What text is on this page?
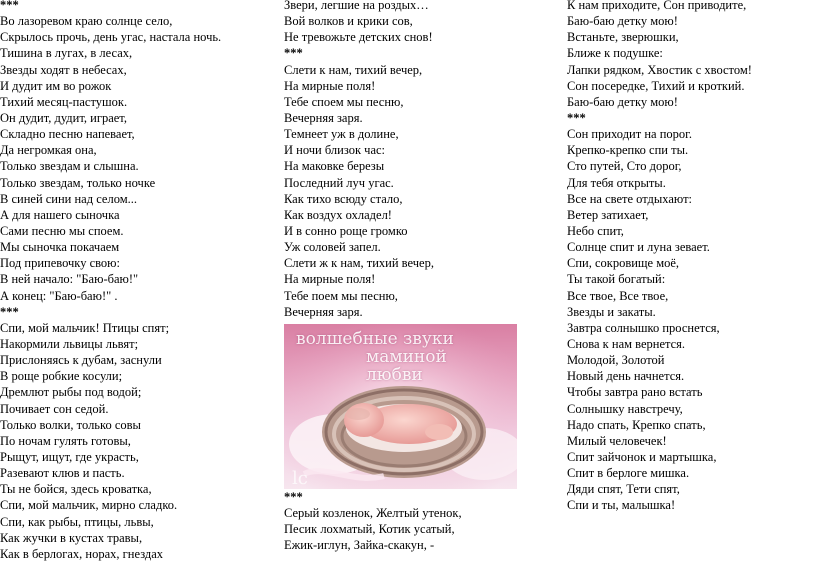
***
Во лазоревом краю солнце село,
Скрылось прочь, день угас, настала ночь.
Тишина в лугах, в лесах,
Звезды ходят в небесах,
И дудит им во рожок
Тихий месяц-пастушок.
Он дудит, дудит, играет,
Складно песню напевает,
Да негромкая она,
Только звездам и слышна.
Только звездам, только ночке
В синей сини над селом...
А для нашего сыночка
Сами песню мы споем.
Мы сыночка покачаем
Под припевочку свою:
В ней начало: "Баю-баю!"
А конец: "Баю-баю!" .
***
Спи, мой мальчик! Птицы спят;
Накормили львицы львят;
Прислоняясь к дубам, заснули
В роще робкие косули;
Дремлют рыбы под водой;
Почивает сон седой.
Только волки, только совы
По ночам гулять готовы,
Рыщут, ищут, где украсть,
Разевают клюв и пасть.
Ты не бойся, здесь кроватка,
Спи, мой мальчик, мирно сладко.
Спи, как рыбы, птицы, львы,
Как жучки в кустах травы,
Как в берлогах, норах, гнездах
Звери, легшие на роздых…
Вой волков и крики сов,
Не тревожьте детских снов!
***
Слети к нам, тихий вечер,
На мирные поля!
Тебе споем мы песню,
Вечерняя заря.
Темнеет уж в долине,
И ночи близок час:
На маковке березы
Последний луч угас.
Как тихо всюду стало,
Как воздух охладел!
И в сонно роще громко
Уж соловей запел.
Слети ж к нам, тихий вечер,
На мирные поля!
Тебе поем мы песню,
Вечерняя заря.
lc
волшебные звуки
маминой любви
***
Серый козленок, Желтый утенок,
Песик лохматый, Котик усатый,
Ежик-иглун, Зайка-скакун, -
К нам приходите, Сон приводите,
Баю-баю детку мою!
Встаньте, зверюшки,
Ближе к подушке:
Лапки рядком, Хвостик с хвостом!
Сон посередке, Тихий и кроткий.
Баю-баю детку мою!
***
Сон приходит на порог.
Крепко-крепко спи ты.
Сто путей, Сто дорог,
Для тебя открыты.
Все на свете отдыхают:
Ветер затихает,
Небо спит,
Солнце спит и луна зевает.
Спи, сокровище моё,
Ты такой богатый:
Все твое, Все твое,
Звезды и закаты.
Завтра солнышко проснется,
Снова к нам вернется.
Молодой, Золотой
Новый день начнется.
Чтобы завтра рано встать
Солнышку навстречу,
Надо спать, Крепко спать,
Милый человечек!
Спит зайчонок и мартышка,
Спит в берлоге мишка.
Дяди спят, Тети спят,
Спи и ты, малышка!
